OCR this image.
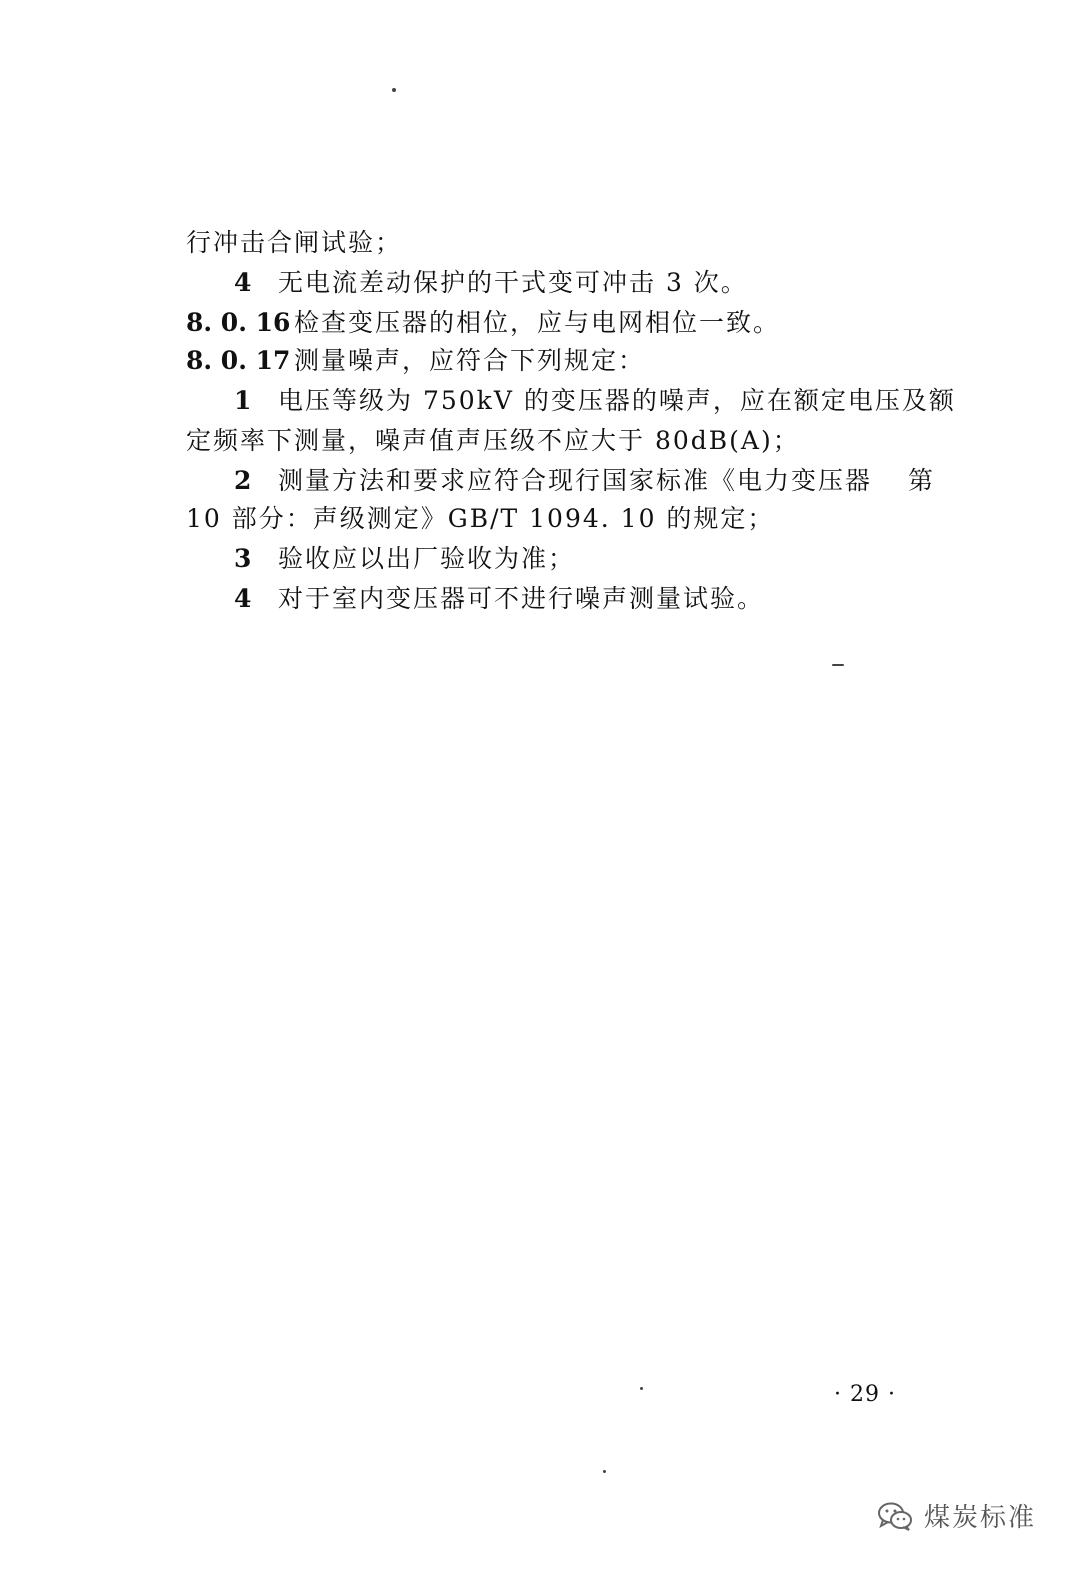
行冲击合闸试验；
4 无电流差动保护的干式变可冲击 3 次。
8. 0. 16 检查变压器的相位，应与电网相位一致。
8. 0. 17 测量噪声，应符合下列规定：
1 电压等级为 750kV 的变压器的噪声，应在额定电压及额
定频率下测量，噪声值声压级不应大于 80dB(A)；
2 测量方法和要求应符合现行国家标准《电力变压器 第
10 部分：声级测定》GB/T 1094. 10 的规定；
3 验收应以出厂验收为准；
4 对于室内变压器可不进行噪声测量试验。
· 29 ·
煤炭标准
